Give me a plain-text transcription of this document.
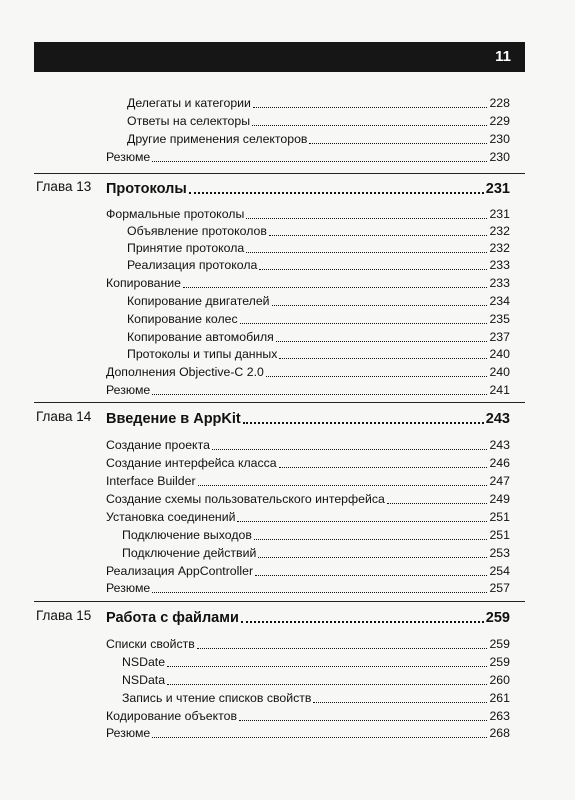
11
Делегаты и категории	228
Ответы на селекторы	229
Другие применения селекторов	230
Резюме	230
Глава 13 Протоколы	231
Формальные протоколы	231
Объявление протоколов	232
Принятие протокола	232
Реализация протокола	233
Копирование	233
Копирование двигателей	234
Копирование колес	235
Копирование автомобиля	237
Протоколы и типы данных	240
Дополнения Objective-C 2.0	240
Резюме	241
Глава 14 Введение в AppKit	243
Создание проекта	243
Создание интерфейса класса	246
Interface Builder	247
Создание схемы пользовательского интерфейса	249
Установка соединений	251
Подключение выходов	251
Подключение действий	253
Реализация AppController	254
Резюме	257
Глава 15 Работа с файлами	259
Списки свойств	259
NSDate	259
NSData	260
Запись и чтение списков свойств	261
Кодирование объектов	263
Резюме	268
